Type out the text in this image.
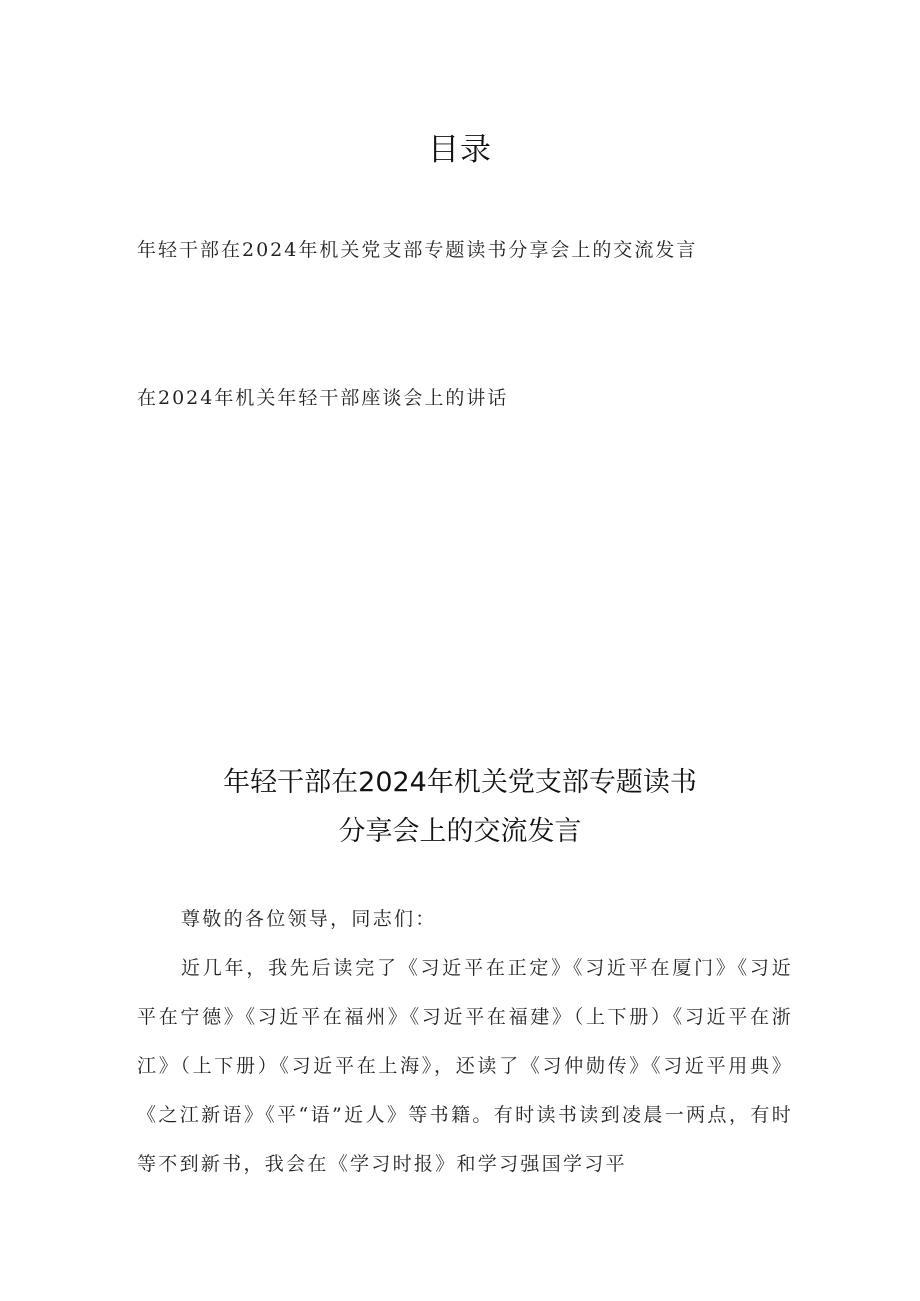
目录
年轻干部在2024年机关党支部专题读书分享会上的交流发言
在2024年机关年轻干部座谈会上的讲话
年轻干部在2024年机关党支部专题读书
分享会上的交流发言
尊敬的各位领导，同志们：
近几年，我先后读完了《习近平在正定》《习近平在厦门》《习近平在宁德》《习近平在福州》《习近平在福建》（上下册）《习近平在浙江》（上下册）《习近平在上海》，还读了《习仲勋传》《习近平用典》《之江新语》《平“语”近人》等书籍。有时读书读到凌晨一两点，有时等不到新书，我会在《学习时报》和学习强国学习平
